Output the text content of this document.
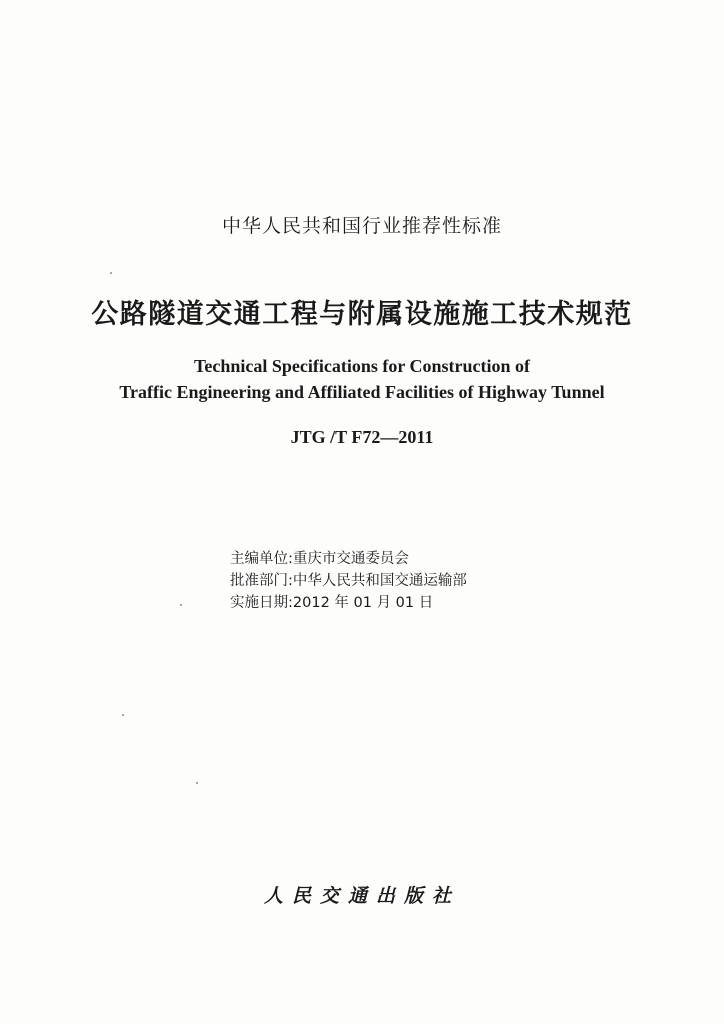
中华人民共和国行业推荐性标准
公路隧道交通工程与附属设施施工技术规范
Technical Specifications for Construction of
Traffic Engineering and Affiliated Facilities of Highway Tunnel
JTG /T F72—2011
主编单位:重庆市交通委员会
批准部门:中华人民共和国交通运输部
实施日期:2012 年 01 月 01 日
人民交通出版社
